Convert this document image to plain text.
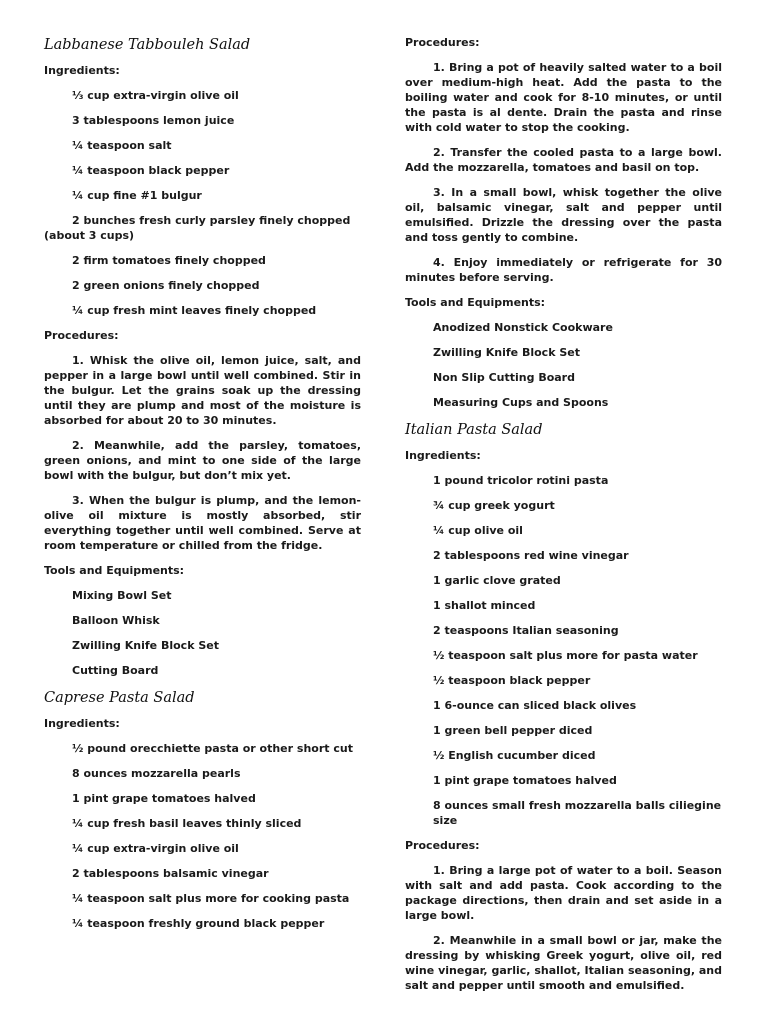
Labbanese Tabbouleh Salad

Ingredients:

⅓ cup extra-virgin olive oil

3 tablespoons lemon juice

¼ teaspoon salt

¼ teaspoon black pepper

¼ cup fine #1 bulgur

2 bunches fresh curly parsley finely chopped (about 3 cups)

2 firm tomatoes finely chopped

2 green onions finely chopped

¼ cup fresh mint leaves finely chopped

Procedures:

1. Whisk the olive oil, lemon juice, salt, and pepper in a large bowl until well combined. Stir in the bulgur. Let the grains soak up the dressing until they are plump and most of the moisture is absorbed for about 20 to 30 minutes.

2. Meanwhile, add the parsley, tomatoes, green onions, and mint to one side of the large bowl with the bulgur, but don’t mix yet.

3. When the bulgur is plump, and the lemon-olive oil mixture is mostly absorbed, stir everything together until well combined. Serve at room temperature or chilled from the fridge.

Tools and Equipments:

Mixing Bowl Set

Balloon Whisk

Zwilling Knife Block Set

Cutting Board

Caprese Pasta Salad

Ingredients:

½ pound orecchiette pasta or other short cut

8 ounces mozzarella pearls

1 pint grape tomatoes halved

¼ cup fresh basil leaves thinly sliced

¼ cup extra-virgin olive oil

2 tablespoons balsamic vinegar

¼ teaspoon salt plus more for cooking pasta

¼ teaspoon freshly ground black pepper

Procedures:

1. Bring a pot of heavily salted water to a boil over medium-high heat. Add the pasta to the boiling water and cook for 8-10 minutes, or until the pasta is al dente. Drain the pasta and rinse with cold water to stop the cooking.

2. Transfer the cooled pasta to a large bowl. Add the mozzarella, tomatoes and basil on top.

3. In a small bowl, whisk together the olive oil, balsamic vinegar, salt and pepper until emulsified. Drizzle the dressing over the pasta and toss gently to combine.

4. Enjoy immediately or refrigerate for 30 minutes before serving.

Tools and Equipments:

Anodized Nonstick Cookware

Zwilling Knife Block Set

Non Slip Cutting Board

Measuring Cups and Spoons

Italian Pasta Salad

Ingredients:

1 pound tricolor rotini pasta

¾ cup greek yogurt

¼ cup olive oil

2 tablespoons red wine vinegar

1 garlic clove grated

1 shallot minced

2 teaspoons Italian seasoning

½ teaspoon salt plus more for pasta water

½ teaspoon black pepper

1 6-ounce can sliced black olives

1 green bell pepper diced

½ English cucumber diced

1 pint grape tomatoes halved

8 ounces small fresh mozzarella balls ciliegine size

Procedures:

1. Bring a large pot of water to a boil. Season with salt and add pasta. Cook according to the package directions, then drain and set aside in a large bowl.

2. Meanwhile in a small bowl or jar, make the dressing by whisking Greek yogurt, olive oil, red wine vinegar, garlic, shallot, Italian seasoning, and salt and pepper until smooth and emulsified.
